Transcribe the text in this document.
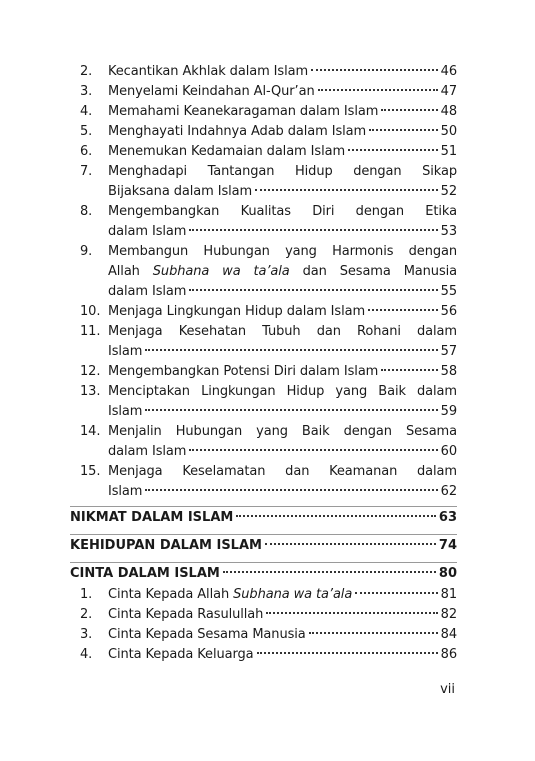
2.	Kecantikan Akhlak dalam Islam	46
3.	Menyelami Keindahan Al-Qur’an	47
4.	Memahami Keanekaragaman dalam Islam	48
5.	Menghayati Indahnya Adab dalam Islam	50
6.	Menemukan Kedamaian dalam Islam	51
7.	Menghadapi Tantangan Hidup dengan Sikap
Bijaksana dalam Islam	52
8.	Mengembangkan Kualitas Diri dengan Etika
dalam Islam	53
9.	Membangun Hubungan yang Harmonis dengan
Allah Subhana wa ta’ala dan Sesama Manusia
dalam Islam	55
10. Menjaga Lingkungan Hidup dalam Islam	56
11. Menjaga Kesehatan Tubuh dan Rohani dalam
Islam	57
12. Mengembangkan Potensi Diri dalam Islam	58
13. Menciptakan Lingkungan Hidup yang Baik dalam
Islam	59
14. Menjalin Hubungan yang Baik dengan Sesama
dalam Islam	60
15. Menjaga Keselamatan dan Keamanan dalam
Islam	62
NIKMAT DALAM ISLAM	63
KEHIDUPAN DALAM ISLAM	74
CINTA DALAM ISLAM	80
1.	Cinta Kepada Allah Subhana wa ta’ala	81
2.	Cinta Kepada Rasulullah	82
3.	Cinta Kepada Sesama Manusia	84
4.	Cinta Kepada Keluarga	86
vii
